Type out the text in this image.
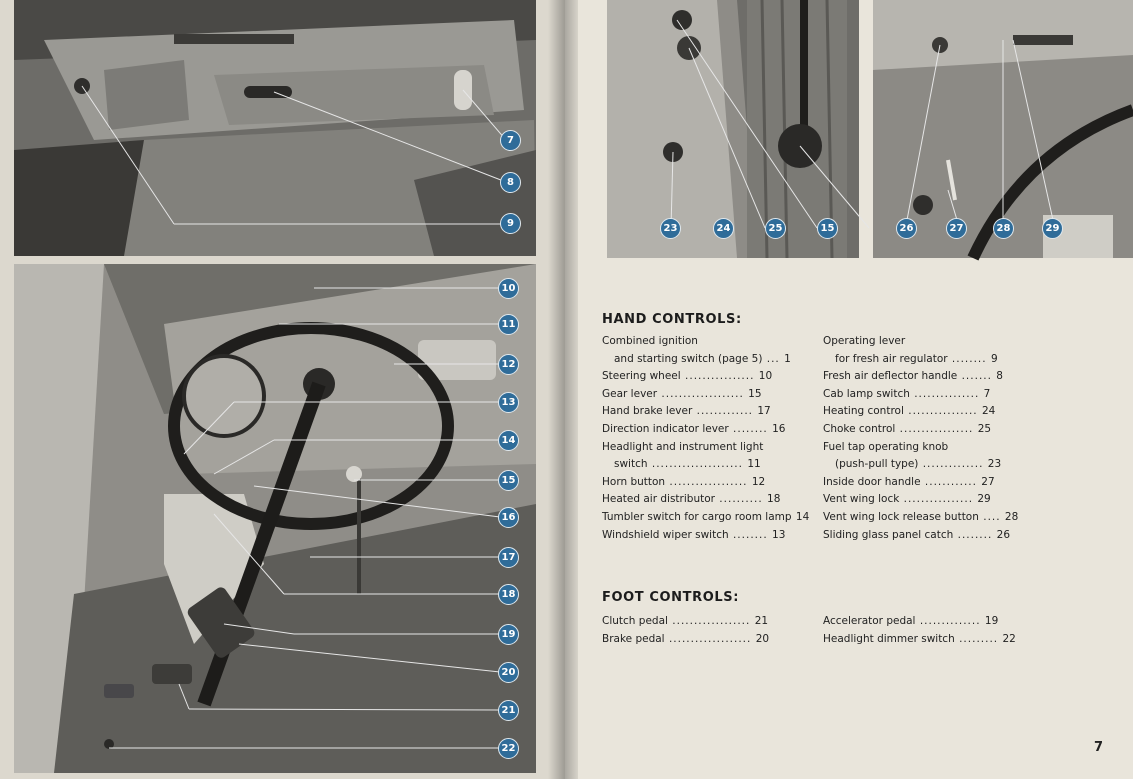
7
8
9
10
11
12
13
14
15
16
17
18
19
20
21
22
23	24	25	15	26	27	28	29
HAND CONTROLS:
FOOT CONTROLS:
7
Combined ignition
and starting switch (page 5) ... 1
Steering wheel ................ 10
Gear lever ................... 15
Hand brake lever ............. 17
Direction indicator lever ........ 16
Headlight and instrument light
switch ..................... 11
Horn button .................. 12
Heated air distributor .......... 18
Tumbler switch for cargo room lamp 14
Windshield wiper switch ........ 13
Operating lever
for fresh air regulator ........ 9
Fresh air deflector handle ....... 8
Cab lamp switch ............... 7
Heating control ................ 24
Choke control ................. 25
Fuel tap operating knob
(push-pull type) .............. 23
Inside door handle ............ 27
Vent wing lock ................ 29
Vent wing lock release button .... 28
Sliding glass panel catch ........ 26
Clutch pedal .................. 21
Brake pedal ................... 20
Accelerator pedal .............. 19
Headlight dimmer switch ......... 22
